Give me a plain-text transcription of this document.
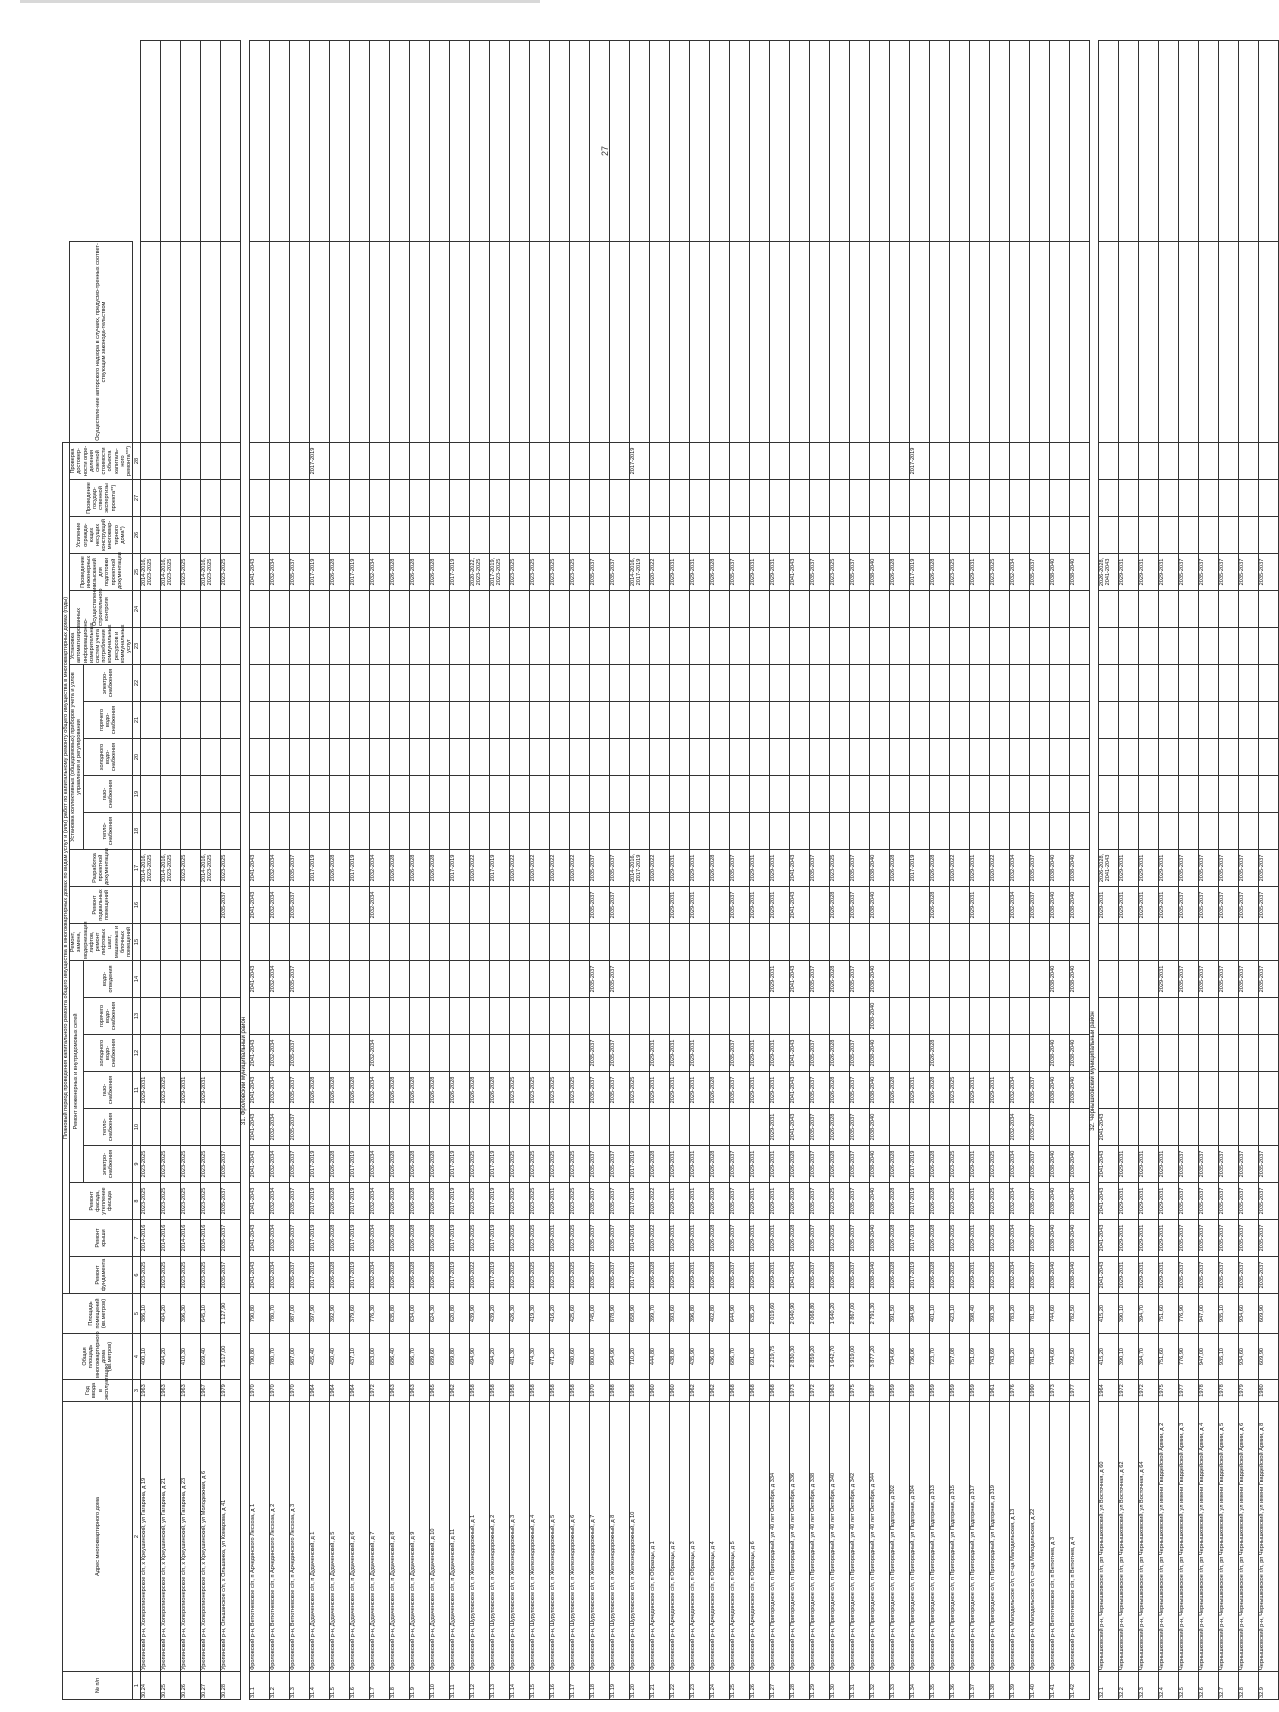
27
№ п/п	Адрес многоквартирного дома	Год ввода в эксплуатацию	Общая площадь многоквартирного дома (кв.метров)	Площадь помещений (кв.метров)	Плановый период проведения капитального ремонта общего имущества в многоквартирных домах по видам услуг и (или) работ по капитальному ремонту общего имущества в многоквартирных домах (годы)																								
					Ремонт фундамента	Ремонт крыши	Ремонт фасада, утепление фасада	Ремонт инженерных и внутридомовых сетей						Ремонт, замена, модернизация лифтов, ремонт лифтовых шахт, машинных и блочных помещений	Ремонт подвальных помещений	Разработка проектной документации	Установка коллективных (общедомовых) приборов учета и узлов управления и регулирования					Установка автоматизированных информационно-измерительных систем учета потребления коммунальных ресурсов и коммунальных услуг	Осуществление строительного контроля	Проведение инженерных изысканий для подготовки проектной документации	Усиление огражда-ющих несущих конструкций многоквар-тирного дома*)	Проведение государ-ственной экспертизы проекта**)	Проверка достовер-ности опре-деления сметной стоимости объекта капиталь-ного ремонта***)	Осуществле-ние авторского надзора в случаях, предусмо-тренных соответ-ствующим законода-тельством	
								электро-снабжения	тепло-снабжения	газо-снабжения	холодного водо-снабжения	горячего водо-снабжения	водо-отведения				тепло-снабжения	газо-снабжения	холодного водо-снабжения	горячего водо-снабжения	электро-снабжения								

1	2	3	4	5	6	7	8	9	10	11	12	13	14	15	16	17	18	19	20	21	22	23	24	25	26	27	28		
30.24	Урюпинский р-н, Хоперопионерское с/п, х Креушинский, ул Гагарина, д 19	1963	400,10	386,10	2023-2025	2014-2016	2023-2025	2023-2025		2029-2031						2014-2016, 2023-2025								2014-2016, 2023-2025					
30.25	Урюпинский р-н, Хоперопионерское с/п, х Креушинский, ул Гагарина, д 21	1963	404,20	404,20	2023-2025	2014-2016	2023-2025	2023-2025		2023-2025						2014-2016, 2023-2025								2014-2016, 2023-2025					
30.26	Урюпинский р-н, Хоперопионерское с/п, х Креушинский, ул Гагарина, д 23	1963	410,30	396,30	2023-2025	2014-2016	2023-2025	2023-2025		2029-2031						2023-2025								2023-2025					
30.27	Урюпинский р-н, Хоперопионерское с/п, х Креушинский, ул Молодежная, д 6	1967	659,40	645,10	2023-2025	2014-2016	2023-2025	2023-2025		2029-2031						2014-2016, 2023-2025								2014-2016, 2023-2025					
30.28	Урюпинский р-н, Ольшанское с/п, х Ольшанка, ул Комарова, д 41	1979	1 517,00	1 127,90	2035-2037	2035-2037	2035-2037	2035-2037							2035-2037	2023-2025								2023-2025					
31. Фроловский муниципальный район																													
31.1	Фроловский р-н, Ветютневское с/п, п Арчединского Лесхоза, д 1	1970	790,80	790,80	2041-2043	2041-2043	2041-2043	2041-2043	2041-2043	2041-2043	2041-2043		2041-2043		2041-2043	2041-2043								2041-2043					
31.2	Фроловский р-н, Ветютневское с/п, п Арчединского Лесхоза, д 2	1970	780,70	780,70	2032-2034	2032-2034	2032-2034	2032-2034	2032-2034	2032-2034	2032-2034		2032-2034		2032-2034	2032-2034								2032-2034					
31.3	Фроловский р-н, Ветютневское с/п, п Арчединского Лесхоза, д 3	1970	987,00	987,00	2035-2037	2035-2037	2035-2037	2035-2037	2035-2037	2035-2037	2035-2037		2035-2037		2035-2037	2035-2037								2035-2037					
31.4	Фроловский р-н, Дудаченское с/п, п Дудаченский, д 1	1964	455,40	397,90	2017-2019	2017-2019	2017-2019	2017-2019		2026-2028						2017-2019								2017-2019			2017-2019		
31.5	Фроловский р-н, Дудаченское с/п, п Дудаченский, д 5	1964	450,40	392,90	2026-2028	2026-2028	2026-2028	2026-2028		2026-2028						2026-2028								2026-2028					
31.6	Фроловский р-н, Дудаченское с/п, п Дудаченский, д 6	1964	437,10	379,60	2017-2019	2017-2019	2017-2019	2017-2019		2026-2028						2017-2019								2017-2019					
31.7	Фроловский р-н, Дудаченское с/п, п Дудаченский, д 7	1972	853,00	776,30	2032-2034	2032-2034	2032-2034	2032-2034		2032-2034	2032-2034				2032-2034	2032-2034								2032-2034					
31.8	Фроловский р-н, Дудаченское с/п, п Дудаченский, д 8	1963	686,40	635,80	2026-2028	2026-2028	2026-2028	2026-2028		2026-2028						2026-2028								2026-2028					
31.9	Фроловский р-н, Дудаченское с/п, п Дудаченский, д 9	1963	686,70	634,00	2026-2028	2026-2028	2026-2028	2026-2028		2026-2028						2026-2028								2026-2028					
31.10	Фроловский р-н, Дудаченское с/п, п Дудаченский, д 10	1965	689,60	624,30	2026-2028	2026-2028	2026-2028	2026-2028		2026-2028						2026-2028								2026-2028					
31.11	Фроловский р-н, Дудаченское с/п, п Дудаченский, д 11	1962	689,80	620,80	2017-2019	2017-2019	2017-2019	2017-2019		2026-2028						2017-2019								2017-2019					
31.12	Фроловский р-н, Шуруповское с/п, п Железнодорожный, д 1	1958	494,90	439,90	2020-2022	2023-2025	2023-2025	2023-2025		2026-2028						2020-2022								2020-2022, 2023-2025					
31.13	Фроловский р-н, Шуруповское с/п, п Железнодорожный, д 2	1958	494,20	439,20	2017-2019	2017-2019	2017-2019	2017-2019		2026-2028						2017-2019								2017-2019, 2023-2025					
31.14	Фроловский р-н, Шуруповское с/п, п Железнодорожный, д 3	1958	481,30	426,30	2023-2025	2023-2025	2023-2025	2023-2025		2023-2025						2020-2022								2023-2025					
31.15	Фроловский р-н, Шуруповское с/п, п Железнодорожный, д 4	1958	474,30	419,30	2023-2025	2023-2025	2023-2025	2023-2025		2023-2025						2020-2022								2023-2025					
31.16	Фроловский р-н, Шуруповское с/п, п Железнодорожный, д 5	1958	471,20	416,20	2023-2025	2029-2031	2029-2031	2023-2025		2023-2025						2020-2022								2023-2025					
31.17	Фроловский р-н, Шуруповское с/п, п Железнодорожный, д 6	1958	480,60	425,60	2023-2025	2023-2025	2023-2025	2023-2025		2023-2025						2020-2022								2023-2025					
31.18	Фроловский р-н, Шуруповское с/п, п Железнодорожный, д 7	1970	800,00	745,00	2035-2037	2035-2037	2035-2037	2035-2037		2035-2037	2035-2037		2035-2037		2035-2037	2035-2037								2035-2037					
31.19	Фроловский р-н, Шуруповское с/п, п Железнодорожный, д 8	1988	954,90	878,90	2035-2037	2035-2037	2035-2037	2035-2037		2035-2037	2035-2037		2035-2037		2035-2037	2035-2037								2035-2037					
31.20	Фроловский р-н, Шуруповское с/п, п Железнодорожный, д 10	1958	710,20	658,90	2017-2019	2014-2016	2017-2019	2017-2019		2023-2025						2014-2016, 2017-2019								2014-2016, 2017-2019			2017-2019		
31.21	Фроловский р-н, Арчединское с/п, п Образцы, д 1	1960	444,80	399,70	2026-2028	2020-2022	2020-2022	2026-2028		2029-2031	2029-2031					2020-2022								2020-2022					
31.22	Фроловский р-н, Арчединское с/п, п Образцы, д 2	1960	438,80	393,60	2029-2031	2029-2031	2029-2031	2029-2031		2029-2031	2029-2031				2029-2031	2029-2031								2029-2031					
31.23	Фроловский р-н, Арчединское с/п, п Образцы, д 3	1962	435,90	396,80	2029-2031	2029-2031	2029-2031	2029-2031		2029-2031	2029-2031				2029-2031	2029-2031								2029-2031					
31.24	Фроловский р-н, Арчединское с/п, п Образцы, д 4	1962	436,00	402,80	2026-2028	2026-2028	2026-2028	2026-2028		2026-2028						2026-2028								2026-2028					
31.25	Фроловский р-н, Арчединское с/п, п Образцы, д 5	1968	686,70	644,90	2035-2037	2035-2037	2035-2037	2035-2037		2035-2037	2035-2037				2035-2037	2035-2037								2035-2037					
31.26	Фроловский р-н, Арчединское с/п, п Образцы, д 6	1968	691,00	635,20	2029-2031	2029-2031	2029-2031	2029-2031		2029-2031	2029-2031				2029-2031	2029-2031								2029-2031					
31.27	Фроловский р-н, Пригородное с/п, п Пригородный, ул 40 лет Октября, д 334	1968	2 219,75	2 019,60	2029-2031	2029-2031	2029-2031	2029-2031	2029-2031	2029-2031	2029-2031		2029-2031		2029-2031	2029-2031								2029-2031					
31.28	Фроловский р-н, Пригородное с/п, п Пригородный, ул 40 лет Октября, д 336	1973	2 830,30	2 040,90	2041-2043	2026-2028	2026-2028	2026-2028	2041-2043	2041-2043	2041-2043		2041-2043		2041-2043	2041-2043								2041-2043					
31.29	Фроловский р-н, Пригородное с/п, п Пригородный, ул 40 лет Октября, д 338	1972	2 859,20	2 068,80	2035-2037	2035-2037	2035-2037	2035-2037	2035-2037	2035-2037	2035-2037		2035-2037			2035-2037								2035-2037					
31.30	Фроловский р-н, Пригородное с/п, п Пригородный, ул 40 лет Октября, д 340	1963	1 642,70	1 640,20	2026-2028	2023-2025	2023-2025	2026-2028	2026-2028	2026-2028	2026-2028		2026-2028		2026-2028	2023-2025								2023-2025					
31.31	Фроловский р-н, Пригородное с/п, п Пригородный, ул 40 лет Октября, д 342	1975	3 919,00	2 867,00	2035-2037	2035-2037	2035-2037	2035-2037	2035-2037	2035-2037	2035-2037		2035-2037		2035-2037	2035-2037								2035-2037					
31.32	Фроловский р-н, Пригородное с/п, п Пригородный, ул 40 лет Октября, д 344	1987	3 877,20	2 791,30	2038-2040	2038-2040	2038-2040	2038-2040	2038-2040	2038-2040	2038-2040	2038-2040	2038-2040		2038-2040	2038-2040								2038-2040					
31.33	Фроловский р-н, Пригородное с/п, п Пригородный, ул Подгорная, д 302	1959	734,66	391,50	2026-2028	2026-2028	2026-2028	2026-2028		2026-2028						2026-2028								2026-2028					
31.34	Фроловский р-н, Пригородное с/п, п Пригородный, ул Подгорная, д 304	1959	736,06	394,90	2017-2019	2017-2019	2017-2019	2017-2019		2029-2031						2017-2019								2017-2019			2017-2019		
31.35	Фроловский р-н, Пригородное с/п, п Пригородный, ул Подгорная, д 313	1959	723,70	401,10	2026-2028	2026-2028	2026-2028	2026-2028		2026-2028	2026-2028				2026-2028	2026-2028								2026-2028					
31.36	Фроловский р-н, Пригородное с/п, п Пригородный, ул Подгорная, д 315	1959	757,08	423,10	2023-2025	2023-2025	2023-2025	2023-2025		2023-2025						2020-2022								2023-2025					
31.37	Фроловский р-н, Пригородное с/п, п Пригородный, ул Подгорная, д 317	1959	751,09	398,40	2029-2031	2029-2031	2029-2031	2029-2031		2029-2031					2029-2031	2029-2031								2029-2031					
31.38	Фроловский р-н, Пригородное с/п, п Пригородный, ул Подгорная, д 319	1961	743,69	393,30	2023-2025	2023-2025	2023-2025	2023-2025		2029-2031						2020-2022								2023-2025					
31.39	Фроловский р-н, Малодельское с/п, ст-ца Малодельская, д 13	1976	783,20	783,20	2032-2034	2032-2034	2032-2034	2032-2034	2032-2034	2032-2034					2032-2034	2032-2034								2032-2034					
31.40	Фроловский р-н, Малодельское с/п, ст-ца Малодельская, д 22	1990	781,50	781,50	2035-2037	2035-2037	2035-2037	2035-2037	2035-2037	2035-2037					2035-2037	2035-2037								2035-2037					
31.41	Фроловский р-н, Ветютневское с/п, п Ветютнев, д 3	1973	744,60	744,60	2038-2040	2038-2040	2038-2040	2038-2040		2038-2040	2038-2040		2038-2040		2038-2040	2038-2040								2038-2040					
31.42	Фроловский р-н, Ветютневское с/п, п Ветютнев, д 4	1977	792,50	782,50	2038-2040	2038-2040	2038-2040	2038-2040		2038-2040	2038-2040		2038-2040		2038-2040	2038-2040								2038-2040					
32. Чернышковский муниципальный район																													
32.1	Чернышковский р-н, Чернышковское г/п, рп Чернышковский, ул Восточная, д 60	1964	415,20	415,20	2041-2043	2041-2043	2041-2043	2041-2043	2041-2043						2029-2031	2026-2028, 2041-2043								2026-2028, 2041-2043					
32.2	Чернышковский р-н, Чернышковское г/п, рп Чернышковский, ул Восточная, д 62	1972	390,10	390,10	2029-2031	2029-2031	2029-2031	2029-2031							2029-2031	2029-2031								2029-2031					
32.3	Чернышковский р-н, Чернышковское г/п, рп Чернышковский, ул Восточная, д 64	1972	394,70	394,70	2029-2031	2029-2031	2029-2031	2029-2031							2029-2031	2029-2031								2029-2031					
32.4	Чернышковский р-н, Чернышковское г/п, рп Чернышковский, ул имени Гвардейской Армии, д 2	1975	751,60	751,60	2029-2031	2029-2031	2029-2031	2029-2031					2029-2031		2029-2031	2029-2031								2029-2031					
32.5	Чернышковский р-н, Чернышковское г/п, рп Чернышковский, ул имени Гвардейской Армии, д 3	1977	776,90	776,90	2035-2037	2035-2037	2035-2037	2035-2037					2035-2037		2035-2037	2035-2037								2035-2037					
32.6	Чернышковский р-н, Чернышковское г/п, рп Чернышковский, ул имени Гвардейской Армии, д 4	1978	947,00	947,00	2035-2037	2035-2037	2035-2037	2035-2037					2035-2037		2035-2037	2035-2037								2035-2037					
32.7	Чернышковский р-н, Чернышковское г/п, рп Чернышковский, ул имени Гвардейской Армии, д 5	1978	935,10	935,10	2035-2037	2035-2037	2035-2037	2035-2037					2035-2037		2035-2037	2035-2037								2035-2037					
32.8	Чернышковский р-н, Чернышковское г/п, рп Чернышковский, ул имени Гвардейской Армии, д 6	1979	934,60	934,60	2035-2037	2035-2037	2035-2037	2035-2037					2035-2037		2035-2037	2035-2037								2035-2037					
32.9	Чернышковский р-н, Чернышковское г/п, рп Чернышковский, ул имени Гвардейской Армии, д 8	1980	609,90	609,90	2035-2037	2035-2037	2035-2037	2035-2037					2035-2037		2035-2037	2035-2037								2035-2037					
